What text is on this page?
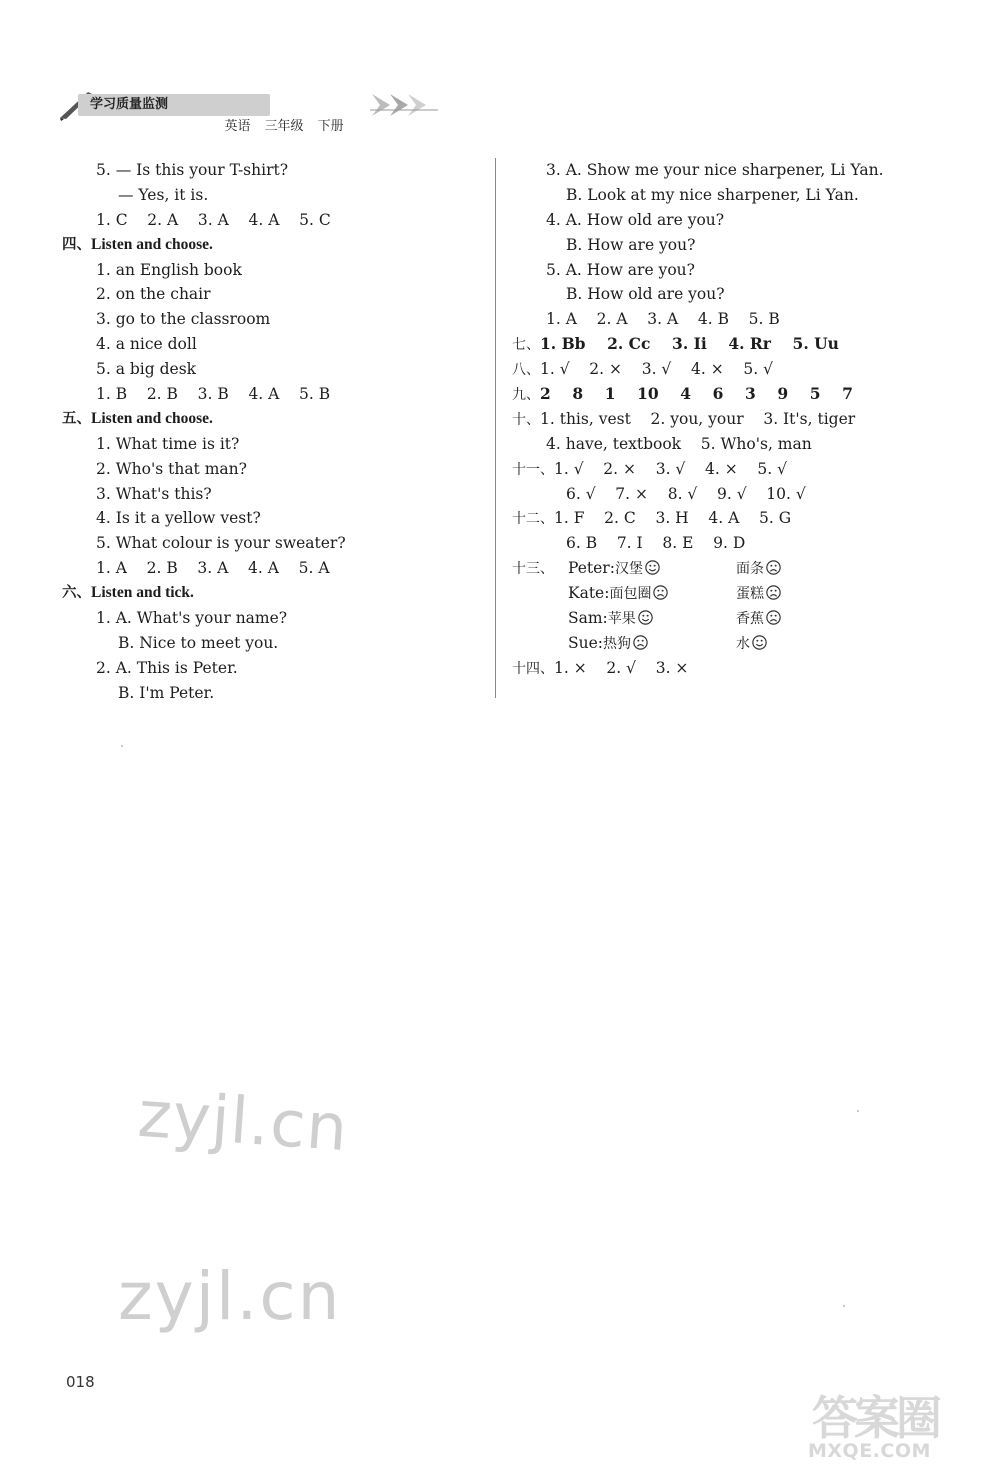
学习质量监测

英语 三年级 下册

5. — Is this your T-shirt?
— Yes, it is.
1. C    2. A    3. A    4. A    5. C
四、Listen and choose.
1. an English book
2. on the chair
3. go to the classroom
4. a nice doll
5. a big desk
1. B    2. B    3. B    4. A    5. B
五、Listen and choose.
1. What time is it?
2. Who's that man?
3. What's this?
4. Is it a yellow vest?
5. What colour is your sweater?
1. A    2. B    3. A    4. A    5. A
六、Listen and tick.
1. A. What's your name?
B. Nice to meet you.
2. A. This is Peter.
B. I'm Peter.
3. A. Show me your nice sharpener, Li Yan.
B. Look at my nice sharpener, Li Yan.
4. A. How old are you?
B. How are you?
5. A. How are you?
B. How old are you?
1. A    2. A    3. A    4. B    5. B
七、1. Bb    2. Cc    3. Ii    4. Rr    5. Uu
八、1. √    2. ×    3. √    4. ×    5. √
九、2    8    1    10    4    6    3    9    5    7
十、1. this, vest    2. you, your    3. It's, tiger
4. have, textbook    5. Who's, man
十一、1. √    2. ×    3. √    4. ×    5. √
6. √    7. ×    8. √    9. √    10. √
十二、1. F    2. C    3. H    4. A    5. G
6. B    7. I    8. E    9. D
十三、 Peter:汉堡	面条
Kate:面包圈	蛋糕
Sam:苹果	香蕉
Sue:热狗	水
十四、1. ×    2. √    3. ×
zyjl.cn
zyjl.cn
018
答案圈
MXQE.COM
